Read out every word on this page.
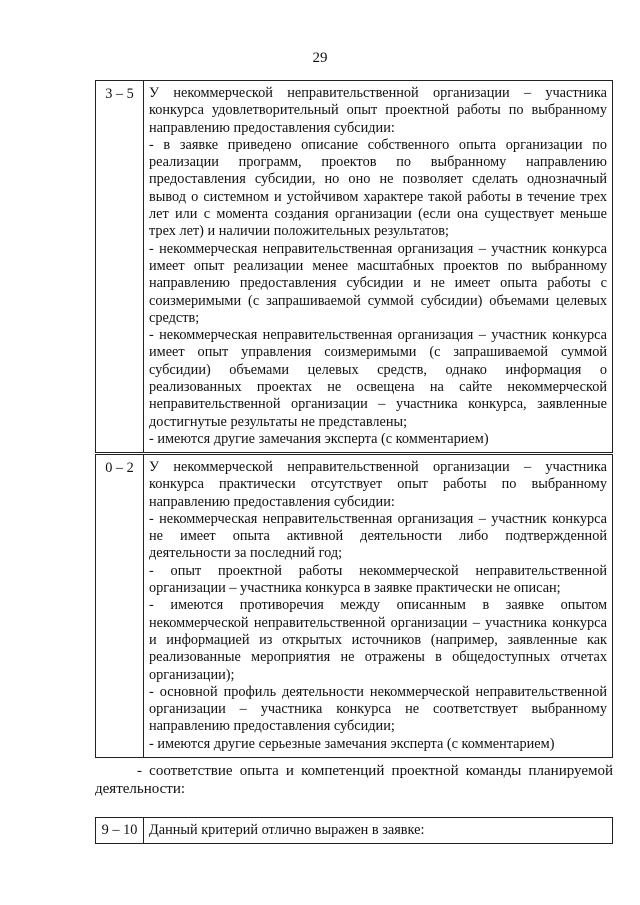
29
3 – 5	У некоммерческой неправительственной организации – участника конкурса удовлетворительный опыт проектной работы по выбранному направлению предоставления субсидии:
- в заявке приведено описание собственного опыта организации по реализации программ, проектов по выбранному направлению предоставления субсидии, но оно не позволяет сделать однозначный вывод о системном и устойчивом характере такой работы в течение трех лет или с момента создания организации (если она существует меньше трех лет) и наличии положительных результатов;
- некоммерческая неправительственная организация – участник конкурса имеет опыт реализации менее масштабных проектов по выбранному направлению предоставления субсидии и не имеет опыта работы с соизмеримыми (с запрашиваемой суммой субсидии) объемами целевых средств;
- некоммерческая неправительственная организация – участник конкурса имеет опыт управления соизмеримыми (с запрашиваемой суммой субсидии) объемами целевых средств, однако информация о реализованных проектах не освещена на сайте некоммерческой неправительственной организации – участника конкурса, заявленные достигнутые результаты не представлены;
- имеются другие замечания эксперта (с комментарием)
0 – 2	У некоммерческой неправительственной организации – участника конкурса практически отсутствует опыт работы по выбранному направлению предоставления субсидии:
- некоммерческая неправительственная организация – участник конкурса не имеет опыта активной деятельности либо подтвержденной деятельности за последний год;
- опыт проектной работы некоммерческой неправительственной организации – участника конкурса в заявке практически не описан;
- имеются противоречия между описанным в заявке опытом некоммерческой неправительственной организации – участника конкурса и информацией из открытых источников (например, заявленные как реализованные мероприятия не отражены в общедоступных отчетах организации);
- основной профиль деятельности некоммерческой неправительственной организации – участника конкурса не соответствует выбранному направлению предоставления субсидии;
- имеются другие серьезные замечания эксперта (с комментарием)
- соответствие опыта и компетенций проектной команды планируемой деятельности:
9 – 10	Данный критерий отлично выражен в заявке:
